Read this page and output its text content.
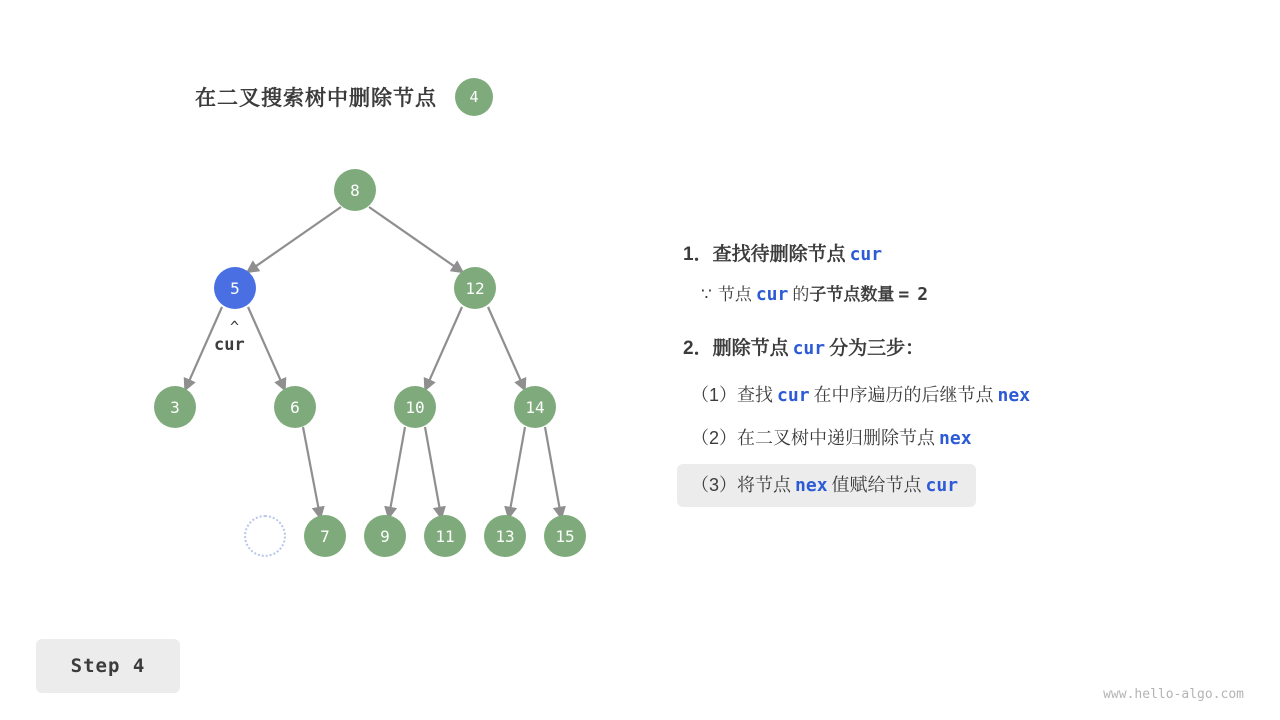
在二叉搜索树中删除节点	4
8
5	12
3	6	10	14
7	9	11	13	15
^
cur
1．查找待删除节点 cur
∵ 节点 cur 的 子节点数量 = 2
2．删除节点 cur 分为三步：
（1）查找 cur 在中序遍历的后继节点 nex
（2）在二叉树中递归删除节点 nex
（3）将节点 nex 值赋给节点 cur
Step 4
www.hello-algo.com
